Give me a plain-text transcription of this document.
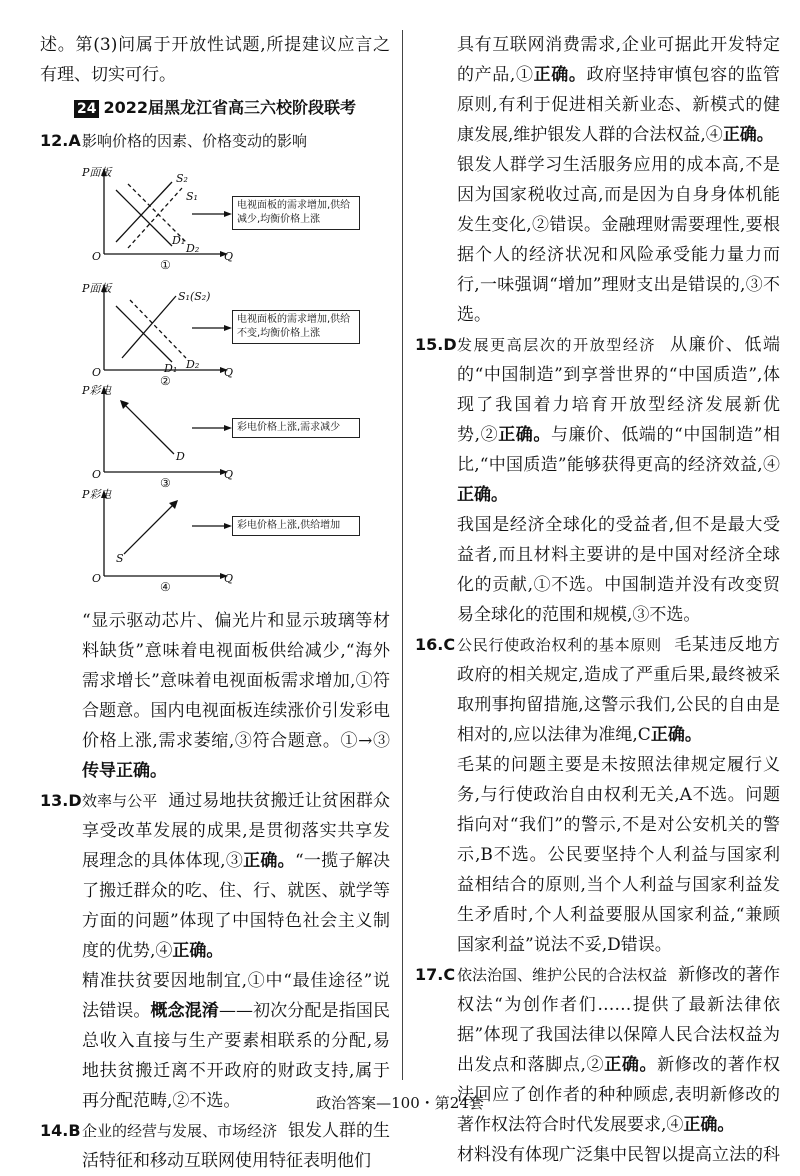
述。第(3)问属于开放性试题,所提建议应言之有理、切实可行。

24 2022届黑龙江省高三六校阶段联考

12.A 影响价格的因素、价格变动的影响

P面板
O	Q
S₂
S₁
D₁
D₂
①
电视面板的需求增加,供给减少,均衡价格上涨
P面板
O	Q
S₁(S₂)
D₁ D₂
②
电视面板的需求增加,供给不变,均衡价格上涨
P彩电
O	Q
D
③
彩电价格上涨,需求减少
P彩电
O	Q
S
④
彩电价格上涨,供给增加

“显示驱动芯片、偏光片和显示玻璃等材料缺货”意味着电视面板供给减少,“海外需求增长”意味着电视面板需求增加,①符合题意。国内电视面板连续涨价引发彩电价格上涨,需求萎缩,③符合题意。①→③传导正确。

13.D 效率与公平 通过易地扶贫搬迁让贫困群众享受改革发展的成果,是贯彻落实共享发展理念的具体体现,③正确。“一揽子解决了搬迁群众的吃、住、行、就医、就学等方面的问题”体现了中国特色社会主义制度的优势,④正确。

精准扶贫要因地制宜,①中“最佳途径”说法错误。概念混淆——初次分配是指国民总收入直接与生产要素相联系的分配,易地扶贫搬迁离不开政府的财政支持,属于再分配范畴,②不选。

14.B 企业的经营与发展、市场经济 银发人群的生活特征和移动互联网使用特征表明他们

具有互联网消费需求,企业可据此开发特定的产品,①正确。政府坚持审慎包容的监管原则,有利于促进相关新业态、新模式的健康发展,维护银发人群的合法权益,④正确。

银发人群学习生活服务应用的成本高,不是因为国家税收过高,而是因为自身身体机能发生变化,②错误。金融理财需要理性,要根据个人的经济状况和风险承受能力量力而行,一味强调“增加”理财支出是错误的,③不选。

15.D 发展更高层次的开放型经济 从廉价、低端的“中国制造”到享誉世界的“中国质造”,体现了我国着力培育开放型经济发展新优势,②正确。与廉价、低端的“中国制造”相比,“中国质造”能够获得更高的经济效益,④正确。

我国是经济全球化的受益者,但不是最大受益者,而且材料主要讲的是中国对经济全球化的贡献,①不选。中国制造并没有改变贸易全球化的范围和规模,③不选。

16.C 公民行使政治权利的基本原则 毛某违反地方政府的相关规定,造成了严重后果,最终被采取刑事拘留措施,这警示我们,公民的自由是相对的,应以法律为准绳,C正确。

毛某的问题主要是未按照法律规定履行义务,与行使政治自由权利无关,A不选。问题指向对“我们”的警示,不是对公安机关的警示,B不选。公民要坚持个人利益与国家利益相结合的原则,当个人利益与国家利益发生矛盾时,个人利益要服从国家利益,“兼顾国家利益”说法不妥,D错误。

17.C 依法治国、维护公民的合法权益 新修改的著作权法“为创作者们……提供了最新法律依据”体现了我国法律以保障人民合法权益为出发点和落脚点,②正确。新修改的著作权法回应了创作者的种种顾虑,表明新修改的著作权法符合时代发展要求,④正确。

材料没有体现广泛集中民智以提高立法的科

政治答案—100・第24套
